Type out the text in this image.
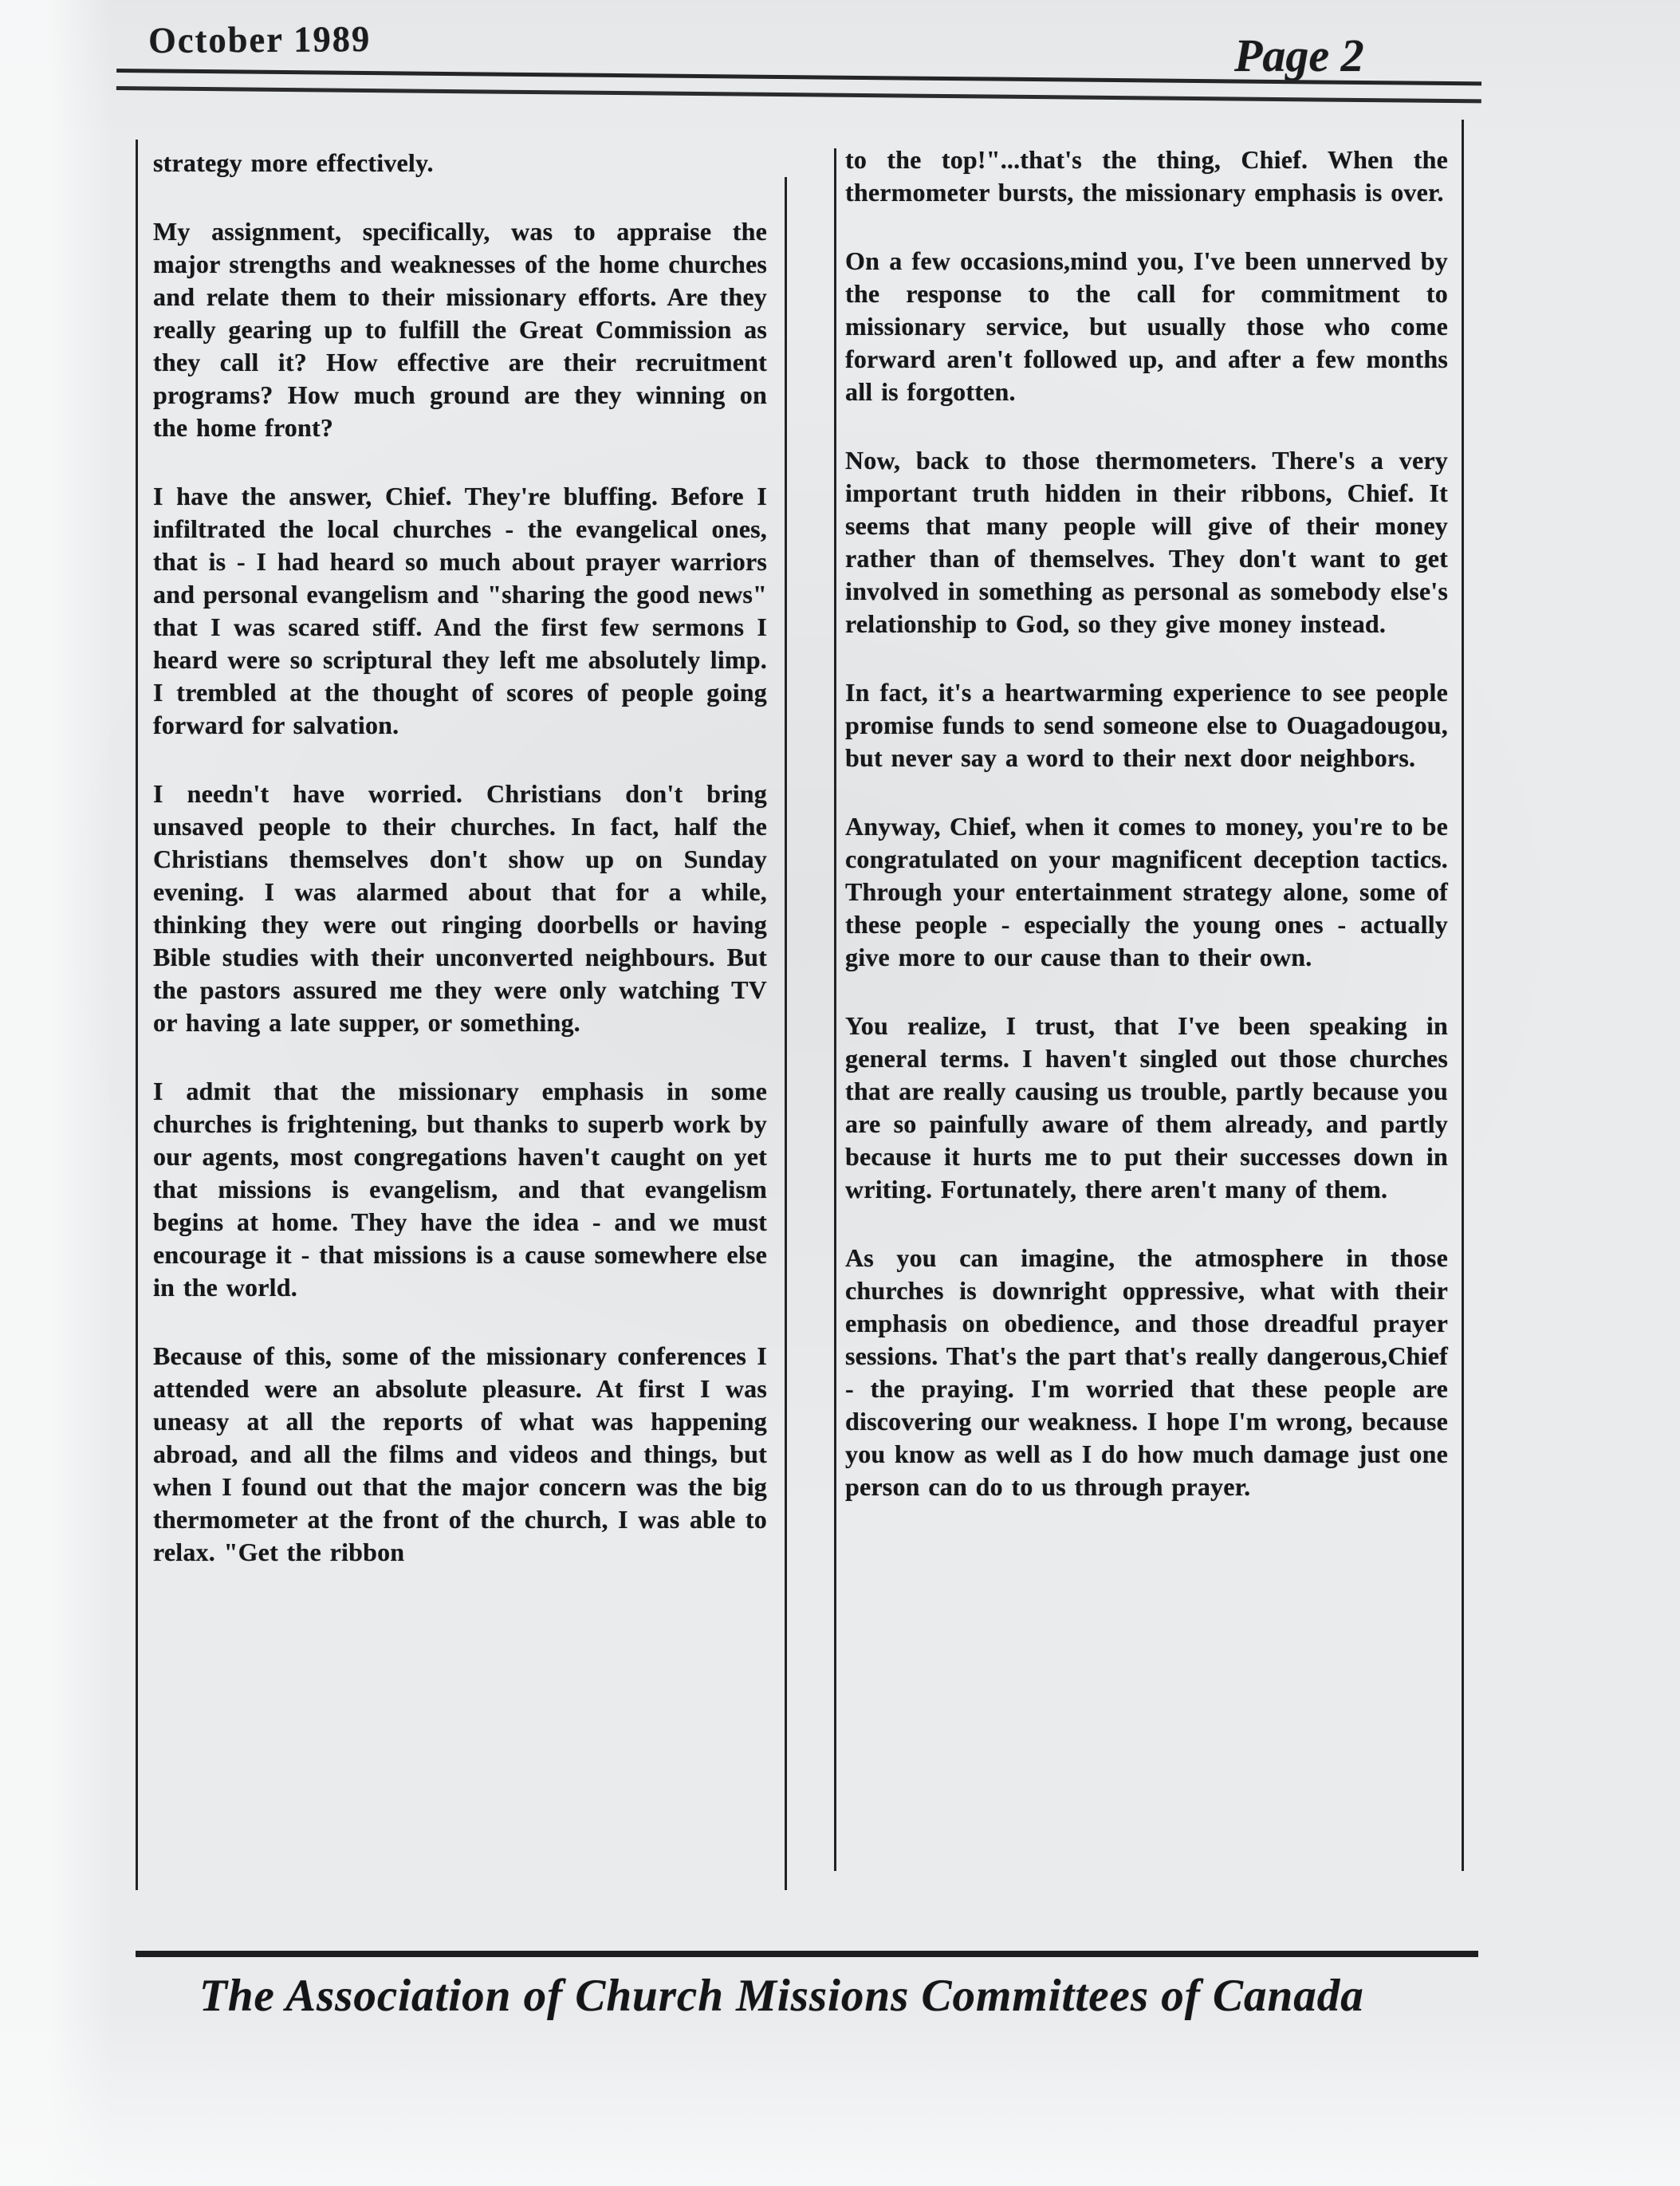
October 1989	Page 2

strategy more effectively.

My assignment, specifically, was to appraise the major strengths and weaknesses of the home churches and relate them to their missionary efforts. Are they really gearing up to fulfill the Great Commission as they call it? How effective are their recruitment programs? How much ground are they winning on the home front?

I have the answer, Chief. They're bluffing. Before I infiltrated the local churches - the evangelical ones, that is - I had heard so much about prayer warriors and personal evangelism and "sharing the good news" that I was scared stiff. And the first few sermons I heard were so scriptural they left me absolutely limp. I trembled at the thought of scores of people going forward for salvation.

I needn't have worried. Christians don't bring unsaved people to their churches. In fact, half the Christians themselves don't show up on Sunday evening. I was alarmed about that for a while, thinking they were out ringing doorbells or having Bible studies with their unconverted neighbours. But the pastors assured me they were only watching TV or having a late supper, or something.

I admit that the missionary emphasis in some churches is frightening, but thanks to superb work by our agents, most congregations haven't caught on yet that missions is evangelism, and that evangelism begins at home. They have the idea - and we must encourage it - that missions is a cause somewhere else in the world.

Because of this, some of the missionary conferences I attended were an absolute pleasure. At first I was uneasy at all the reports of what was happening abroad, and all the films and videos and things, but when I found out that the major concern was the big thermometer at the front of the church, I was able to relax. "Get the ribbon

to the top!"...that's the thing, Chief. When the thermometer bursts, the missionary emphasis is over.

On a few occasions,mind you, I've been unnerved by the response to the call for commitment to missionary service, but usually those who come forward aren't followed up, and after a few months all is forgotten.

Now, back to those thermometers. There's a very important truth hidden in their ribbons, Chief. It seems that many people will give of their money rather than of themselves. They don't want to get involved in something as personal as somebody else's relationship to God, so they give money instead.

In fact, it's a heartwarming experience to see people promise funds to send someone else to Ouagadougou, but never say a word to their next door neighbors.

Anyway, Chief, when it comes to money, you're to be congratulated on your magnificent deception tactics. Through your entertainment strategy alone, some of these people - especially the young ones - actually give more to our cause than to their own.

You realize, I trust, that I've been speaking in general terms. I haven't singled out those churches that are really causing us trouble, partly because you are so painfully aware of them already, and partly because it hurts me to put their successes down in writing. Fortunately, there aren't many of them.

As you can imagine, the atmosphere in those churches is downright oppressive, what with their emphasis on obedience, and those dreadful prayer sessions. That's the part that's really dangerous,Chief - the praying. I'm worried that these people are discovering our weakness. I hope I'm wrong, because you know as well as I do how much damage just one person can do to us through prayer.

The Association of Church Missions Committees of Canada
